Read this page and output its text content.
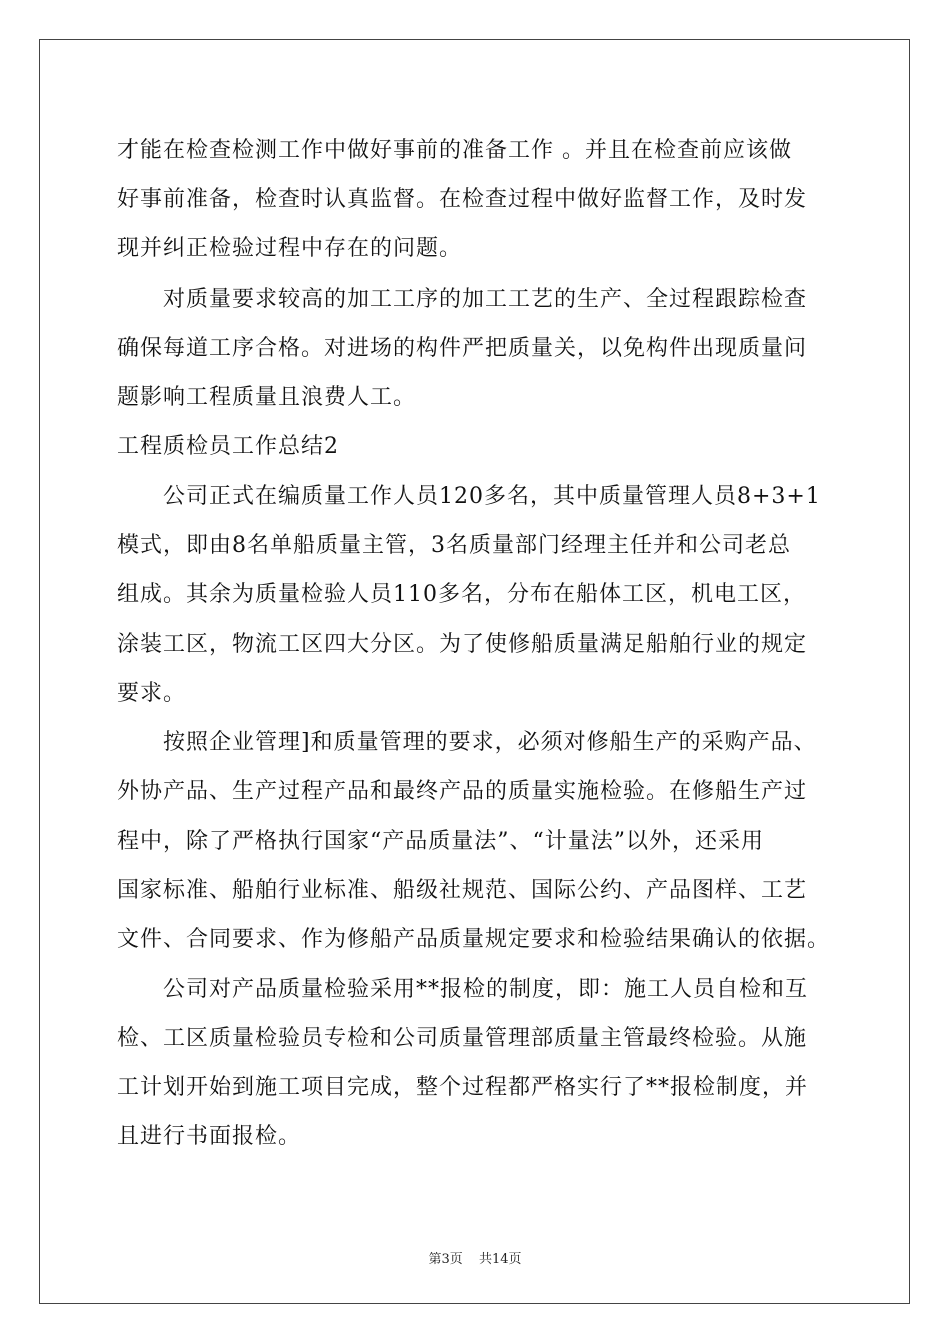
才能在检查检测工作中做好事前的准备工作 。并且在检查前应该做
好事前准备，检查时认真监督。在检查过程中做好监督工作，及时发
现并纠正检验过程中存在的问题。
　　对质量要求较高的加工工序的加工工艺的生产、全过程跟踪检查
确保每道工序合格。对进场的构件严把质量关，以免构件出现质量问
题影响工程质量且浪费人工。
工程质检员工作总结2
　　公司正式在编质量工作人员120多名，其中质量管理人员8+3+1
模式，即由8名单船质量主管，3名质量部门经理主任并和公司老总
组成。其余为质量检验人员110多名，分布在船体工区，机电工区，
涂装工区，物流工区四大分区。为了使修船质量满足船舶行业的规定
要求。
　　按照企业管理]和质量管理的要求，必须对修船生产的采购产品、
外协产品、生产过程产品和最终产品的质量实施检验。在修船生产过
程中，除了严格执行国家“产品质量法”、“计量法”以外，还采用
国家标准、船舶行业标准、船级社规范、国际公约、产品图样、工艺
文件、合同要求、作为修船产品质量规定要求和检验结果确认的依据。
　　公司对产品质量检验采用**报检的制度，即：施工人员自检和互
检、工区质量检验员专检和公司质量管理部质量主管最终检验。从施
工计划开始到施工项目完成，整个过程都严格实行了**报检制度，并
且进行书面报检。
第3页 共14页
